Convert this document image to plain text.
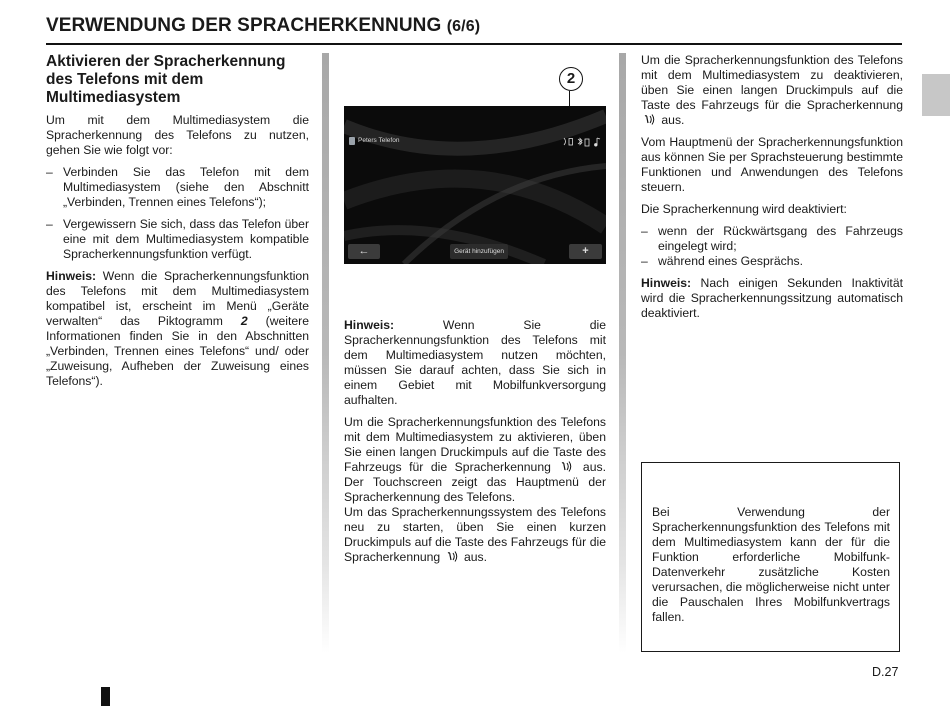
VERWENDUNG DER SPRACHERKENNUNG (6/6)
Aktivieren der Spracherkennung des Telefons mit dem Multimediasystem

Um mit dem Multimediasystem die Spracherkennung des Telefons zu nutzen, gehen Sie wie folgt vor:

– Verbinden Sie das Telefon mit dem Multimediasystem (siehe den Abschnitt „Verbinden, Trennen eines Telefons“);
– Vergewissern Sie sich, dass das Telefon über eine mit dem Multimediasystem kompatible Spracherkennungsfunktion verfügt.

Hinweis: Wenn die Spracherkennungsfunktion des Telefons mit dem Multimediasystem kompatibel ist, erscheint im Menü „Geräte verwalten“ das Piktogramm 2 (weitere Informationen finden Sie in den Abschnitten „Verbinden, Trennen eines Telefons“ und/ oder „Zuweisung, Aufheben der Zuweisung eines Telefons“).

2
Peters Telefon
←	Gerät hinzufügen	+

Hinweis: Wenn Sie die Spracherkennungsfunktion des Telefons mit dem Multimediasystem nutzen möchten, müssen Sie darauf achten, dass Sie sich in einem Gebiet mit Mobilfunkversorgung aufhalten.

Um die Spracherkennungsfunktion des Telefons mit dem Multimediasystem zu aktivieren, üben Sie einen langen Druckimpuls auf die Taste des Fahrzeugs für die Spracherkennung  aus. Der Touchscreen zeigt das Hauptmenü der Spracherkennung des Telefons.

Um das Spracherkennungssystem des Telefons neu zu starten, üben Sie einen kurzen Druckimpuls auf die Taste des Fahrzeugs für die Spracherkennung  aus.

Um die Spracherkennungsfunktion des Telefons mit dem Multimediasystem zu deaktivieren, üben Sie einen langen Druckimpuls auf die Taste des Fahrzeugs für die Spracherkennung  aus.

Vom Hauptmenü der Spracherkennungsfunktion aus können Sie per Sprachsteuerung bestimmte Funktionen und Anwendungen des Telefons steuern.

Die Spracherkennung wird deaktiviert:

– wenn der Rückwärtsgang des Fahrzeugs eingelegt wird;
– während eines Gesprächs.

Hinweis: Nach einigen Sekunden Inaktivität wird die Spracherkennungssitzung automatisch deaktiviert.

Bei Verwendung der Spracherkennungsfunktion des Telefons mit dem Multimediasystem kann der für die Funktion erforderliche Mobilfunk-Datenverkehr zusätzliche Kosten verursachen, die möglicherweise nicht unter die Pauschalen Ihres Mobilfunkvertrags fallen.

D.27
